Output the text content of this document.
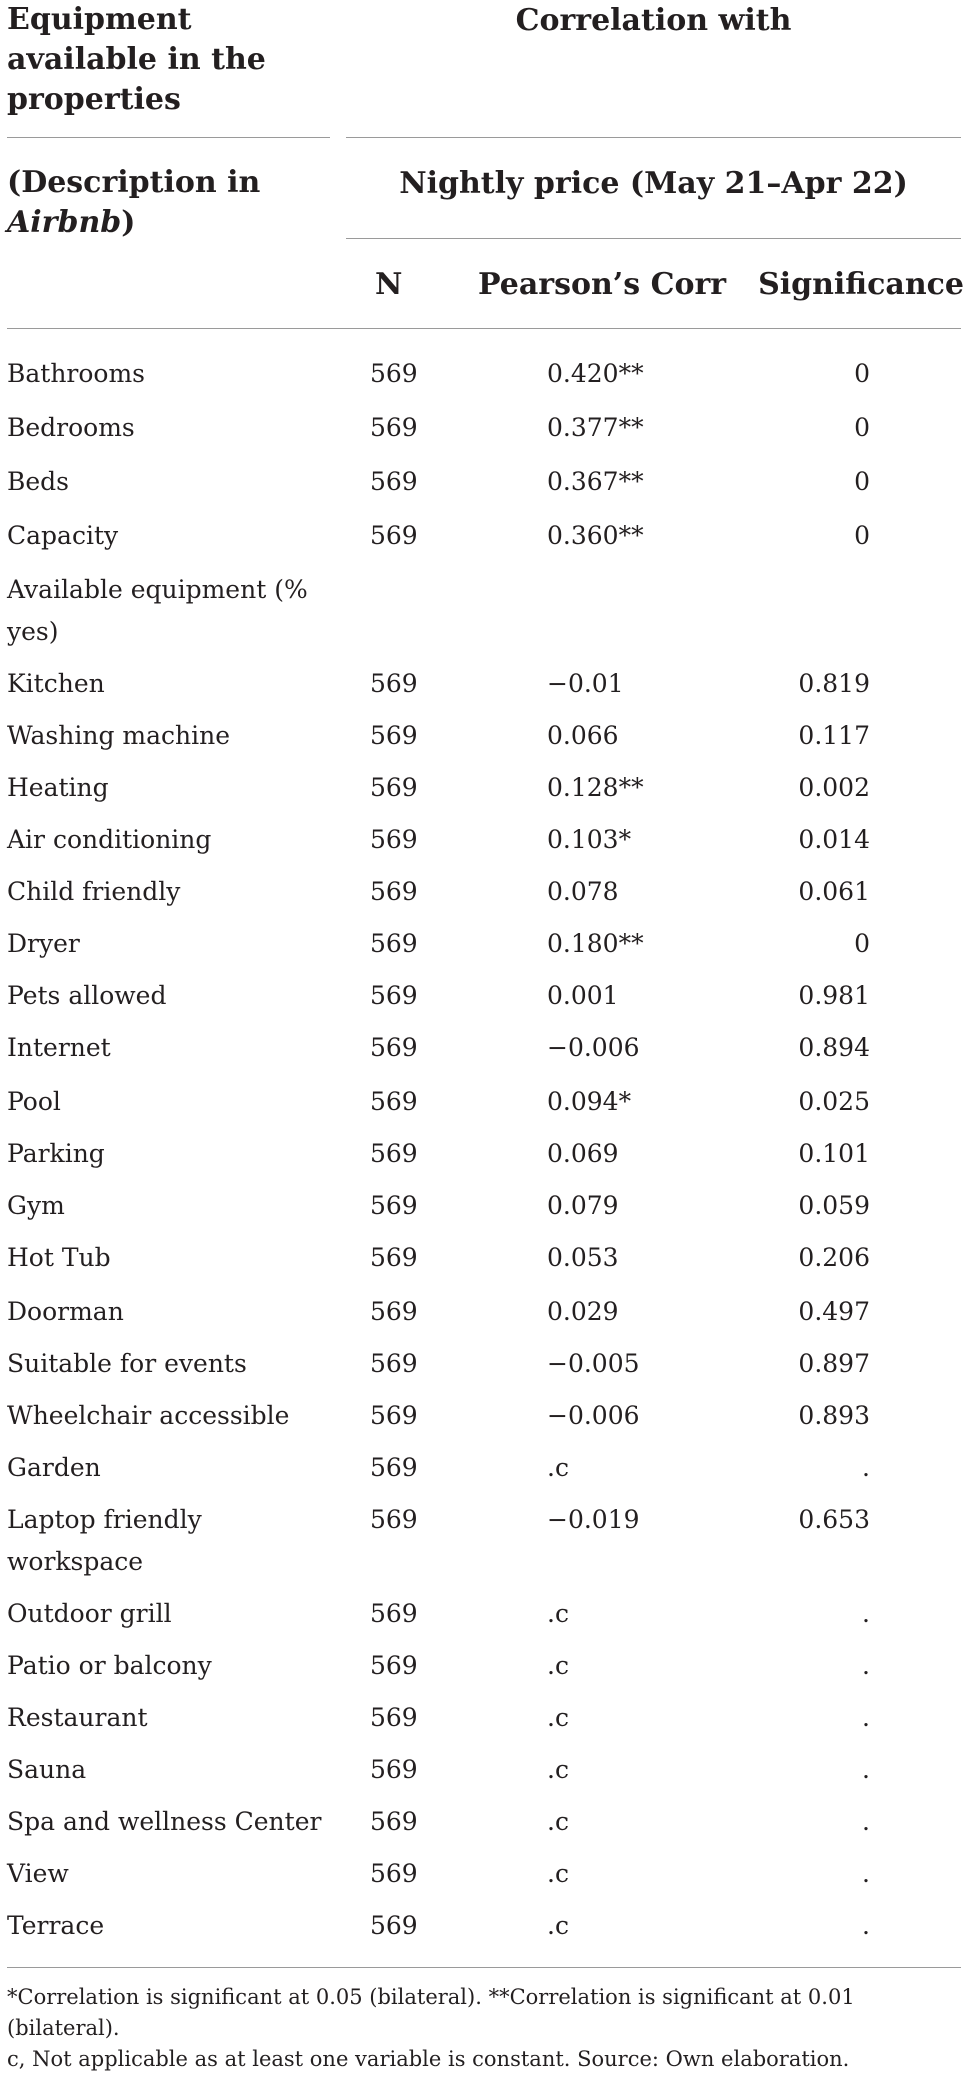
Equipment
available in the
properties
(Description in
Airbnb)
Correlation with
Nightly price (May 21–Apr 22)
N	Pearson’s Corr Significance
Bathrooms	569	0.420**	0
Bedrooms	569	0.377**	0
Beds	569	0.367**	0
Capacity	569	0.360**	0
Available equipment (%
yes)
Kitchen	569	−0.01	0.819
Washing machine	569	0.066	0.117
Heating	569	0.128**	0.002
Air conditioning	569	0.103*	0.014
Child friendly	569	0.078	0.061
Dryer	569	0.180**	0
Pets allowed	569	0.001	0.981
Internet	569	−0.006	0.894
Pool	569	0.094*	0.025
Parking	569	0.069	0.101
Gym	569	0.079	0.059
Hot Tub	569	0.053	0.206
Doorman	569	0.029	0.497
Suitable for events	569	−0.005	0.897
Wheelchair accessible	569	−0.006	0.893
Garden	569	.c	.
Laptop friendly	569	−0.019	0.653
workspace
Outdoor grill	569	.c	.
Patio or balcony	569	.c	.
Restaurant	569	.c	.
Sauna	569	.c	.
Spa and wellness Center 569	.c	.
View	569	.c	.
Terrace	569	.c	.
*Correlation is significant at 0.05 (bilateral). **Correlation is significant at 0.01 (bilateral).
c, Not applicable as at least one variable is constant. Source: Own elaboration.
